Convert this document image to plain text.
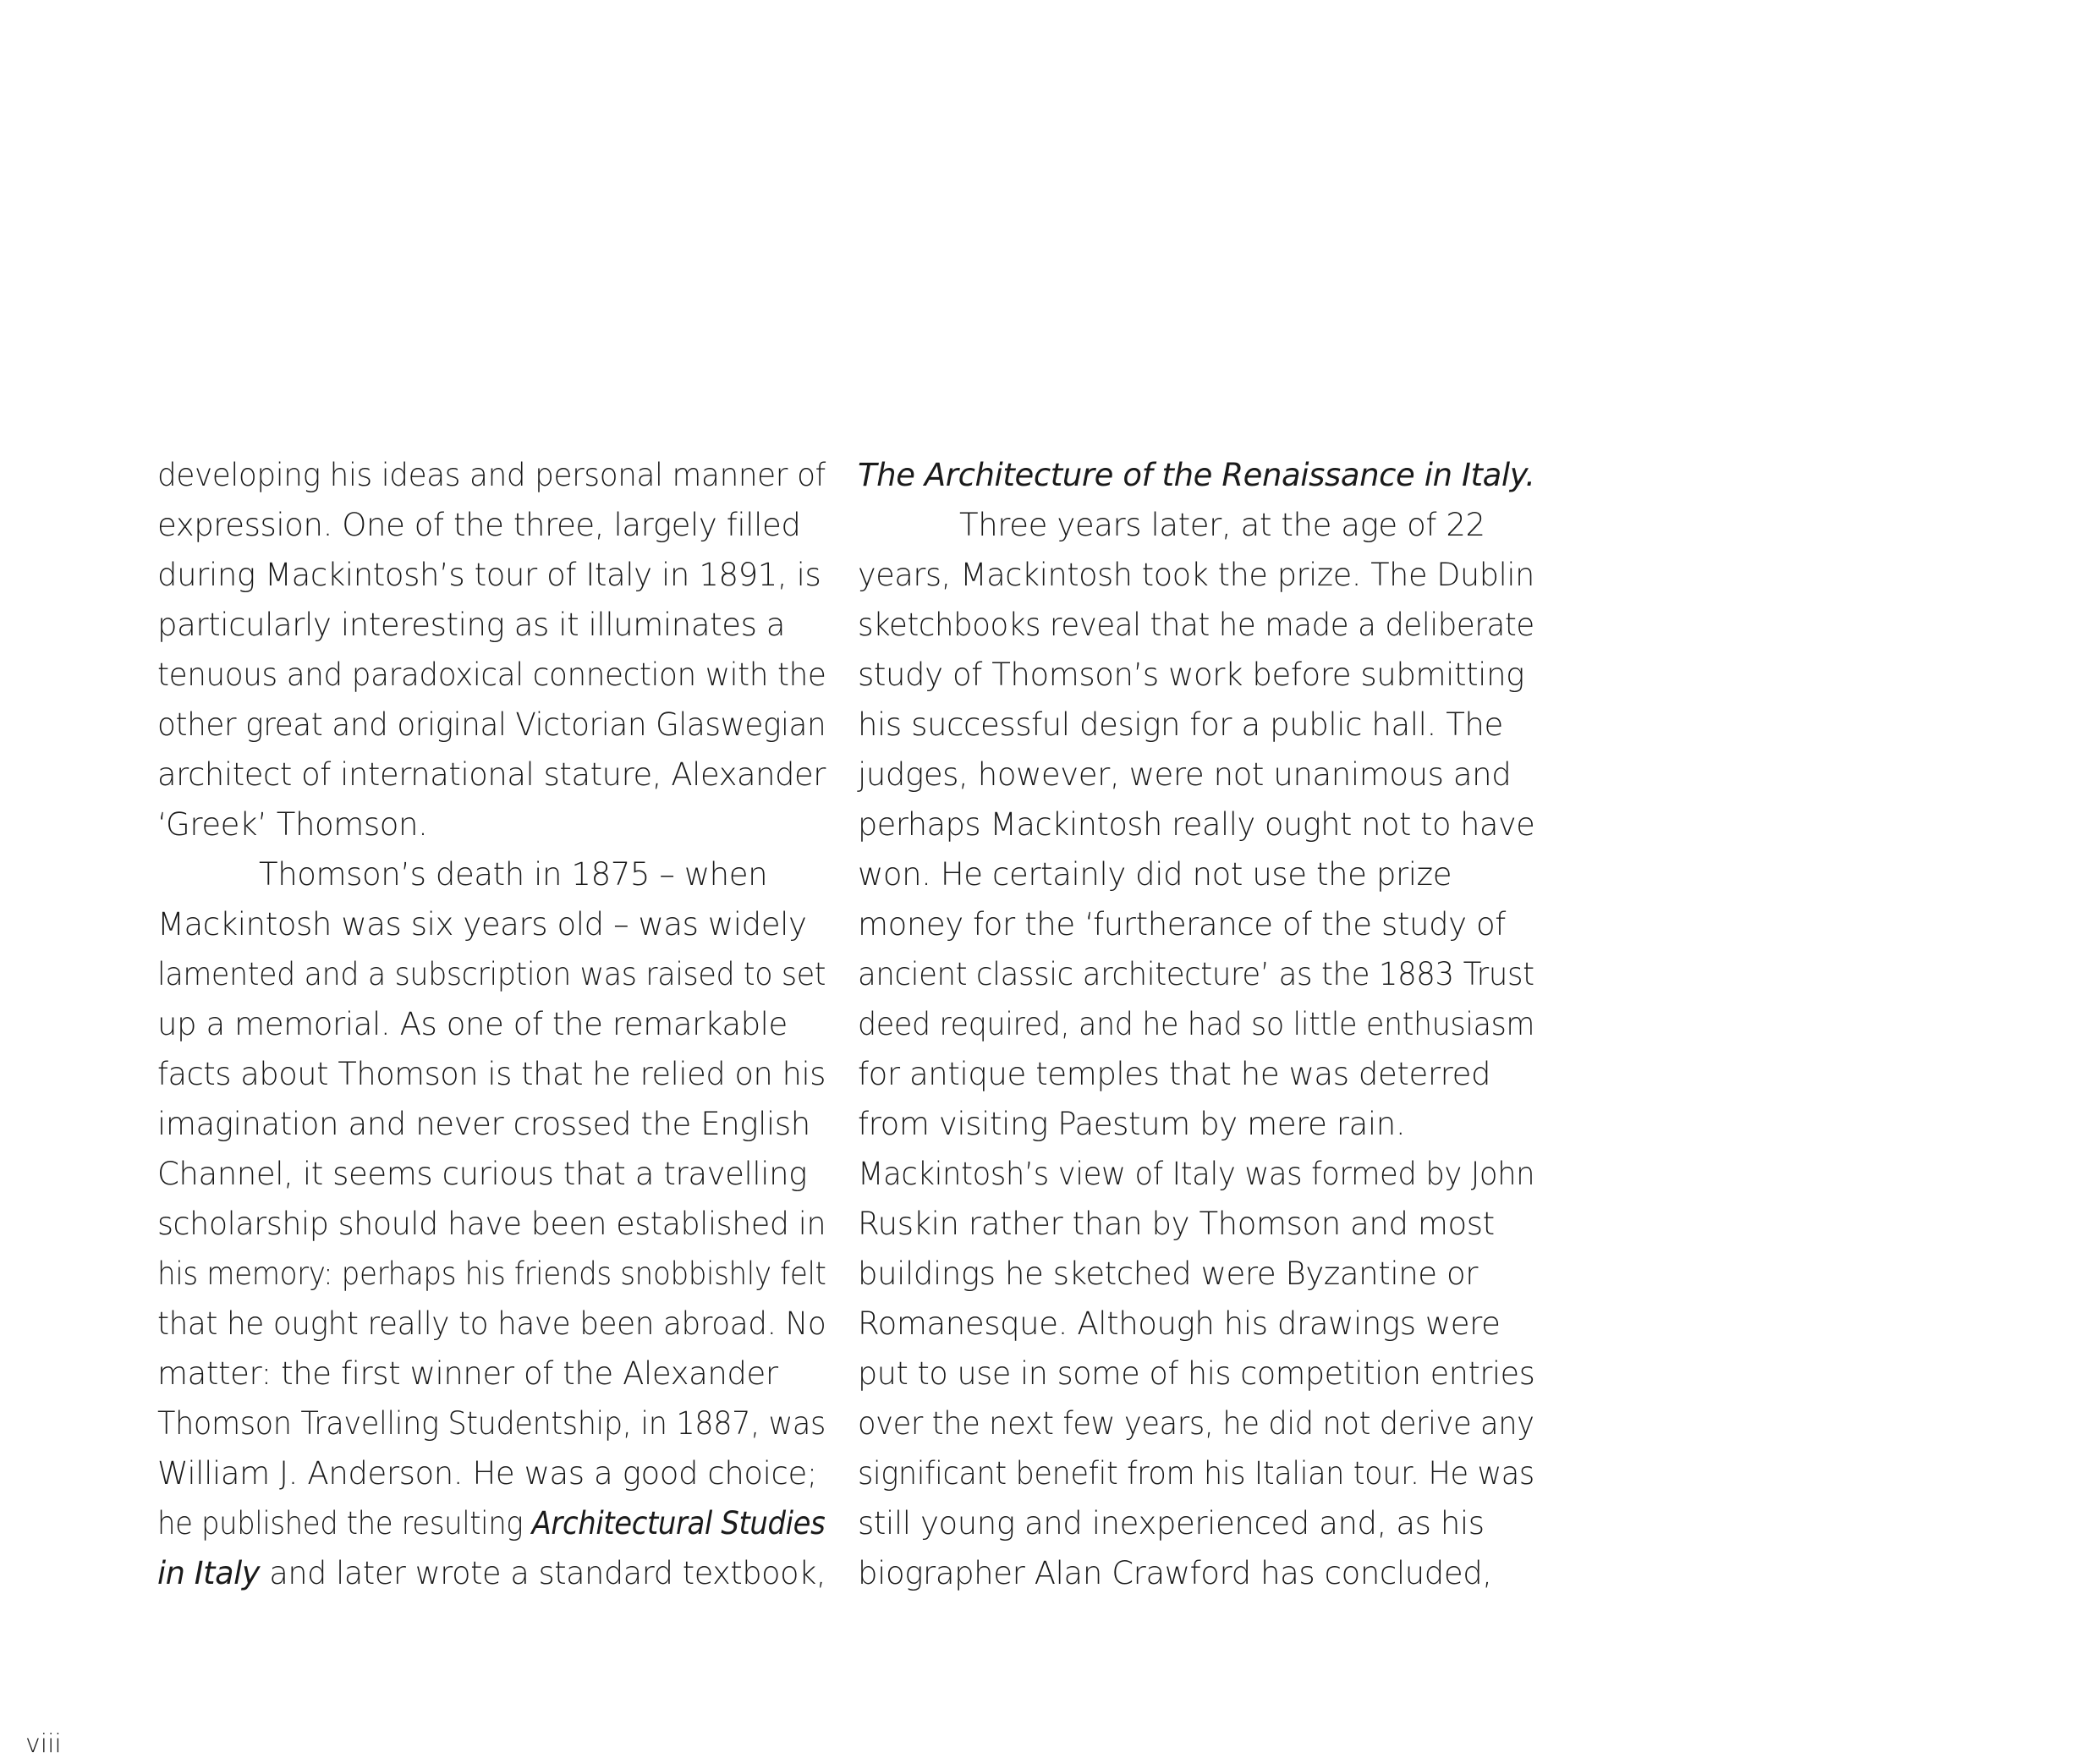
developing his ideas and personal manner of
expression. One of the three, largely filled
during Mackintosh’s tour of Italy in 1891, is
particularly interesting as it illuminates a
tenuous and paradoxical connection with the
other great and original Victorian Glaswegian
architect of international stature, Alexander
‘Greek’ Thomson.
Thomson’s death in 1875 – when
Mackintosh was six years old – was widely
lamented and a subscription was raised to set
up a memorial. As one of the remarkable
facts about Thomson is that he relied on his
imagination and never crossed the English
Channel, it seems curious that a travelling
scholarship should have been established in
his memory: perhaps his friends snobbishly felt
that he ought really to have been abroad. No
matter: the first winner of the Alexander
Thomson Travelling Studentship, in 1887, was
William J. Anderson. He was a good choice;
he published the resulting Architectural Studies
in Italy and later wrote a standard textbook,
The Architecture of the Renaissance in Italy.
Three years later, at the age of 22
years, Mackintosh took the prize. The Dublin
sketchbooks reveal that he made a deliberate
study of Thomson’s work before submitting
his successful design for a public hall. The
judges, however, were not unanimous and
perhaps Mackintosh really ought not to have
won. He certainly did not use the prize
money for the ‘furtherance of the study of
ancient classic architecture’ as the 1883 Trust
deed required, and he had so little enthusiasm
for antique temples that he was deterred
from visiting Paestum by mere rain.
Mackintosh’s view of Italy was formed by John
Ruskin rather than by Thomson and most
buildings he sketched were Byzantine or
Romanesque. Although his drawings were
put to use in some of his competition entries
over the next few years, he did not derive any
significant benefit from his Italian tour. He was
still young and inexperienced and, as his
biographer Alan Crawford has concluded,
viii
